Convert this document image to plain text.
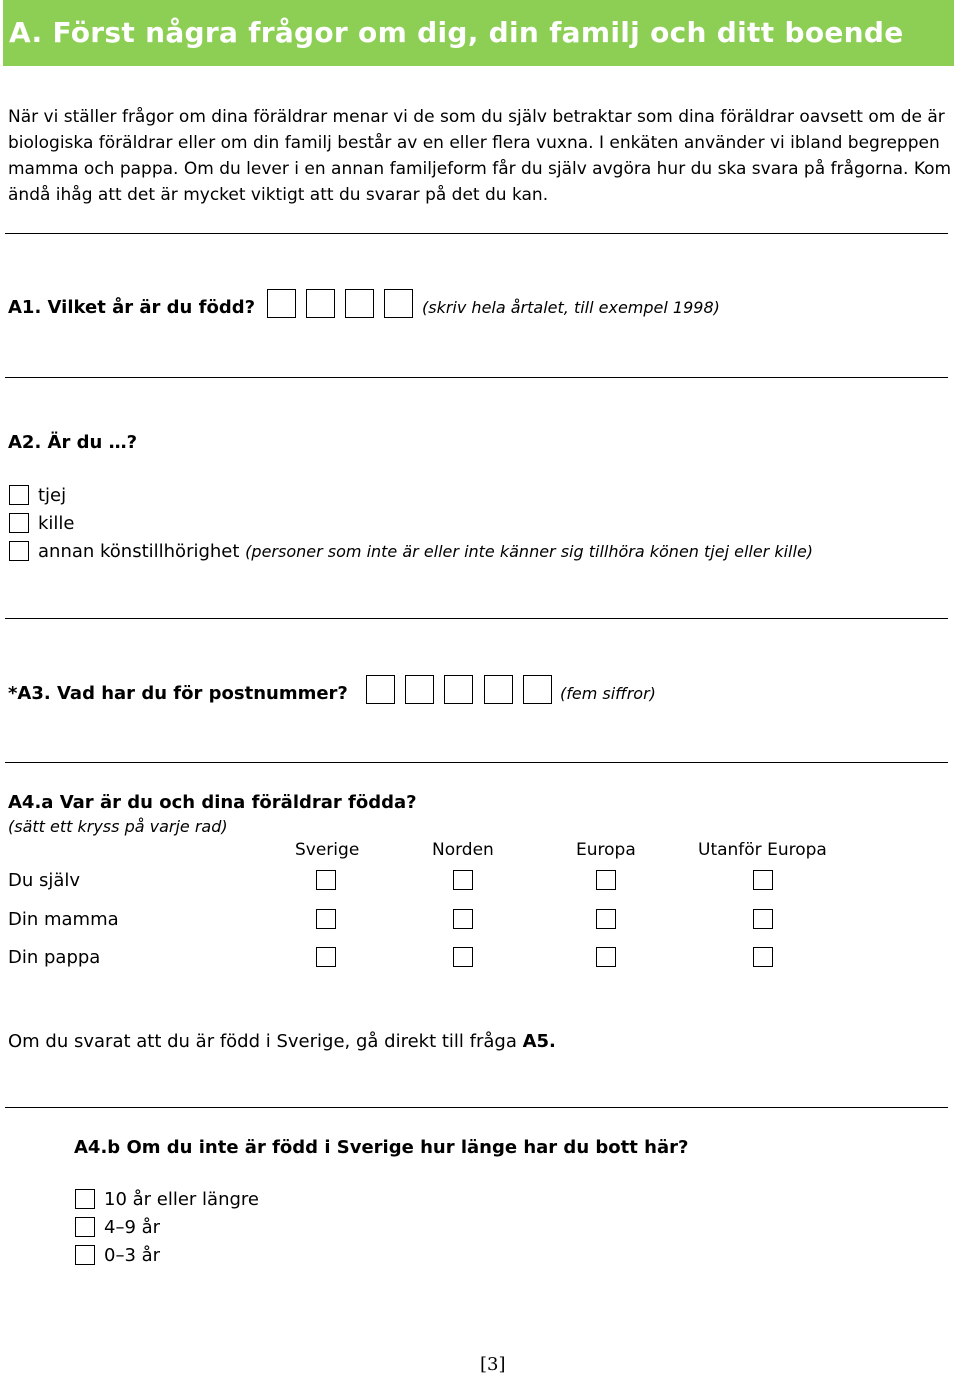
A. Först några frågor om dig, din familj och ditt boende
När vi ställer frågor om dina föräldrar menar vi de som du själv betraktar som dina föräldrar oavsett om de är biologiska föräldrar eller om din familj består av en eller flera vuxna. I enkäten använder vi ibland begreppen mamma och pappa. Om du lever i en annan familjeform får du själv avgöra hur du ska svara på frågorna. Kom ändå ihåg att det är mycket viktigt att du svarar på det du kan.
A1. Vilket år är du född?	(skriv hela årtalet, till exempel 1998)
A2. Är du …?
tjej
kille
annan könstillhörighet (personer som inte är eller inte känner sig tillhöra könen tjej eller kille)
*A3. Vad har du för postnummer?	(fem siffror)
A4.a Var är du och dina föräldrar födda?
(sätt ett kryss på varje rad)
Sverige	Norden	Europa	Utanför Europa
Du själv
Din mamma
Din pappa
Om du svarat att du är född i Sverige, gå direkt till fråga A5.
A4.b Om du inte är född i Sverige hur länge har du bott här?
10 år eller längre
4–9 år
0–3 år
[3]
